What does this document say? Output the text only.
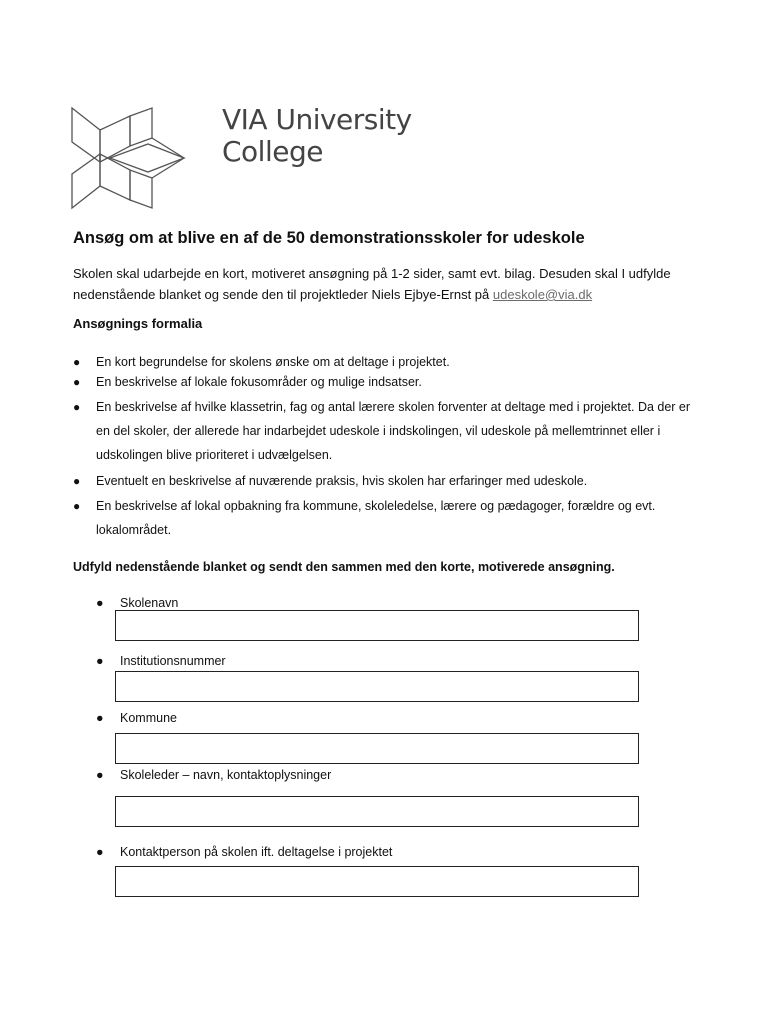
VIA University
College
Ansøg om at blive en af de 50 demonstrationsskoler for udeskole
Skolen skal udarbejde en kort, motiveret ansøgning på 1-2 sider, samt evt. bilag. Desuden skal I udfylde nedenstående blanket og sende den til projektleder Niels Ejbye-Ernst på udeskole@via.dk
Ansøgnings formalia
● En kort begrundelse for skolens ønske om at deltage i projektet.
● En beskrivelse af lokale fokusområder og mulige indsatser.
● En beskrivelse af hvilke klassetrin, fag og antal lærere skolen forventer at deltage med i projektet. Da der er en del skoler, der allerede har indarbejdet udeskole i indskolingen, vil udeskole på mellemtrinnet eller i udskolingen blive prioriteret i udvælgelsen.
● Eventuelt en beskrivelse af nuværende praksis, hvis skolen har erfaringer med udeskole.
● En beskrivelse af lokal opbakning fra kommune, skoleledelse, lærere og pædagoger, forældre og evt. lokalområdet.
Udfyld nedenstående blanket og sendt den sammen med den korte, motiverede ansøgning.
● Skolenavn
● Institutionsnummer
● Kommune
● Skoleleder – navn, kontaktoplysninger
● Kontaktperson på skolen ift. deltagelse i projektet
